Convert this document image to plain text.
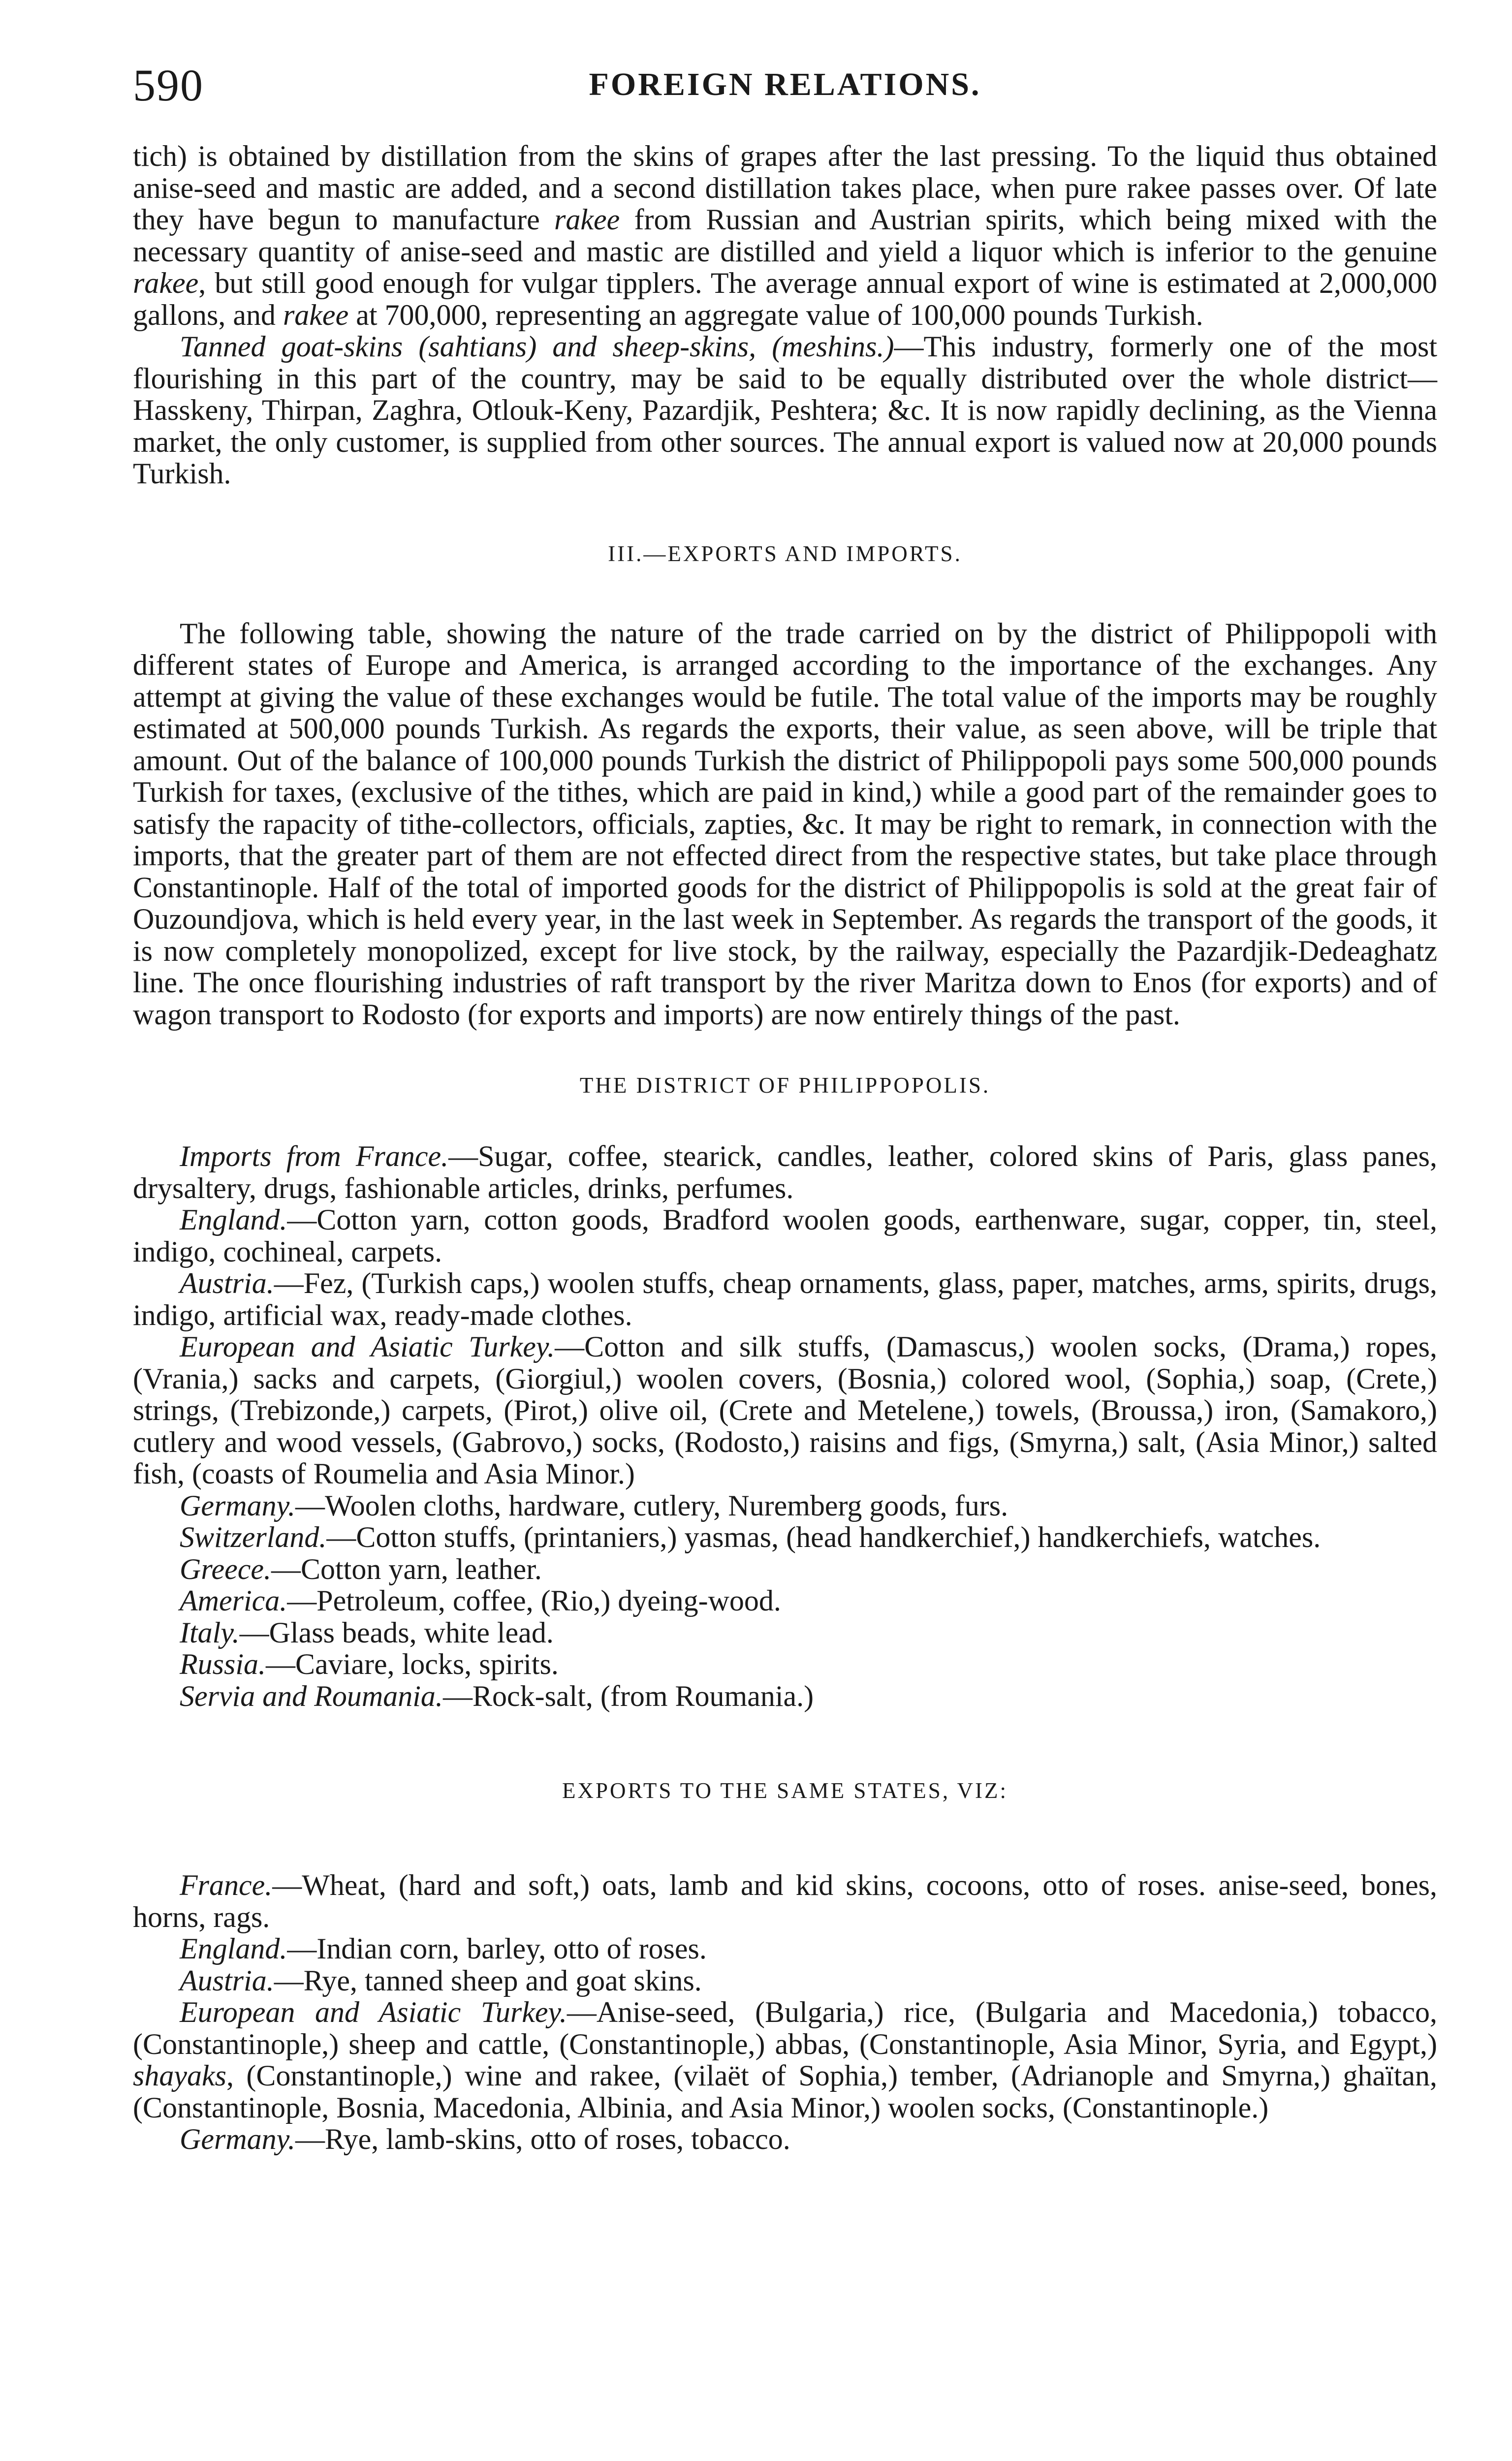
590	FOREIGN RELATIONS.

tich) is obtained by distillation from the skins of grapes after the last pressing. To the liquid thus obtained anise-seed and mastic are added, and a second distillation takes place, when pure rakee passes over. Of late they have begun to manufacture rakee from Russian and Austrian spirits, which being mixed with the necessary quantity of anise-seed and mastic are distilled and yield a liquor which is inferior to the genuine rakee, but still good enough for vulgar tipplers. The average annual export of wine is estimated at 2,000,000 gallons, and rakee at 700,000, representing an aggregate value of 100,000 pounds Turkish.

Tanned goat-skins (sahtians) and sheep-skins, (meshins.)—This industry, formerly one of the most flourishing in this part of the country, may be said to be equally distributed over the whole district—Hasskeny, Thirpan, Zaghra, Otlouk-Keny, Pazardjik, Peshtera; &c. It is now rapidly declining, as the Vienna market, the only customer, is supplied from other sources. The annual export is valued now at 20,000 pounds Turkish.

III.—EXPORTS AND IMPORTS.

The following table, showing the nature of the trade carried on by the district of Philippopoli with different states of Europe and America, is arranged according to the importance of the exchanges. Any attempt at giving the value of these exchanges would be futile. The total value of the imports may be roughly estimated at 500,000 pounds Turkish. As regards the exports, their value, as seen above, will be triple that amount. Out of the balance of 100,000 pounds Turkish the district of Philippopoli pays some 500,000 pounds Turkish for taxes, (exclusive of the tithes, which are paid in kind,) while a good part of the remainder goes to satisfy the rapacity of tithe-collectors, officials, zapties, &c. It may be right to remark, in connection with the imports, that the greater part of them are not effected direct from the respective states, but take place through Constantinople. Half of the total of imported goods for the district of Philippopolis is sold at the great fair of Ouzoundjova, which is held every year, in the last week in September. As regards the transport of the goods, it is now completely monopolized, except for live stock, by the railway, especially the Pazardjik-Dedeaghatz line. The once flourishing industries of raft transport by the river Maritza down to Enos (for exports) and of wagon transport to Rodosto (for exports and imports) are now entirely things of the past.

THE DISTRICT OF PHILIPPOPOLIS.

Imports from France.—Sugar, coffee, stearick, candles, leather, colored skins of Paris, glass panes, drysaltery, drugs, fashionable articles, drinks, perfumes.

England.—Cotton yarn, cotton goods, Bradford woolen goods, earthenware, sugar, copper, tin, steel, indigo, cochineal, carpets.

Austria.—Fez, (Turkish caps,) woolen stuffs, cheap ornaments, glass, paper, matches, arms, spirits, drugs, indigo, artificial wax, ready-made clothes.

European and Asiatic Turkey.—Cotton and silk stuffs, (Damascus,) woolen socks, (Drama,) ropes, (Vrania,) sacks and carpets, (Giorgiul,) woolen covers, (Bosnia,) colored wool, (Sophia,) soap, (Crete,) strings, (Trebizonde,) carpets, (Pirot,) olive oil, (Crete and Metelene,) towels, (Broussa,) iron, (Samakoro,) cutlery and wood vessels, (Gabrovo,) socks, (Rodosto,) raisins and figs, (Smyrna,) salt, (Asia Minor,) salted fish, (coasts of Roumelia and Asia Minor.)

Germany.—Woolen cloths, hardware, cutlery, Nuremberg goods, furs.

Switzerland.—Cotton stuffs, (printaniers,) yasmas, (head handkerchief,) handkerchiefs, watches.

Greece.—Cotton yarn, leather.

America.—Petroleum, coffee, (Rio,) dyeing-wood.

Italy.—Glass beads, white lead.

Russia.—Caviare, locks, spirits.

Servia and Roumania.—Rock-salt, (from Roumania.)

EXPORTS TO THE SAME STATES, VIZ:

France.—Wheat, (hard and soft,) oats, lamb and kid skins, cocoons, otto of roses. anise-seed, bones, horns, rags.

England.—Indian corn, barley, otto of roses.

Austria.—Rye, tanned sheep and goat skins.

European and Asiatic Turkey.—Anise-seed, (Bulgaria,) rice, (Bulgaria and Macedonia,) tobacco, (Constantinople,) sheep and cattle, (Constantinople,) abbas, (Constantinople, Asia Minor, Syria, and Egypt,) shayaks, (Constantinople,) wine and rakee, (vilaët of Sophia,) tember, (Adrianople and Smyrna,) ghaïtan, (Constantinople, Bosnia, Macedonia, Albinia, and Asia Minor,) woolen socks, (Constantinople.)

Germany.—Rye, lamb-skins, otto of roses, tobacco.
